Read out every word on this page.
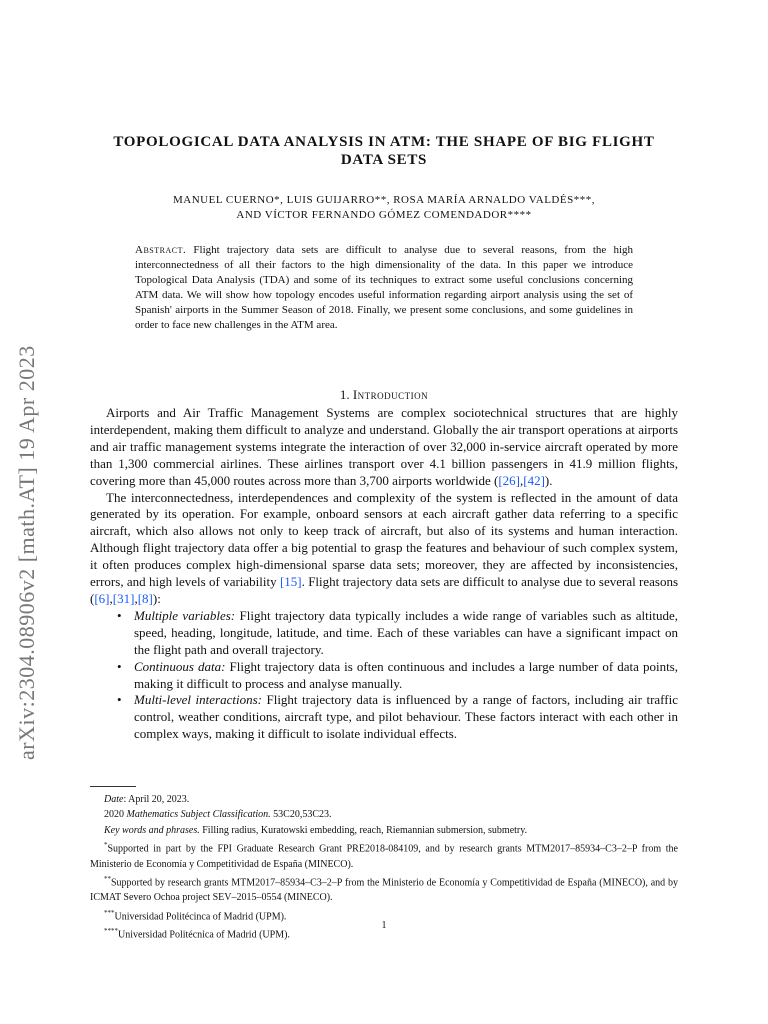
arXiv:2304.08906v2 [math.AT] 19 Apr 2023
TOPOLOGICAL DATA ANALYSIS IN ATM: THE SHAPE OF BIG FLIGHT
DATA SETS
MANUEL CUERNO*, LUIS GUIJARRO**, ROSA MARÍA ARNALDO VALDÉS***,
AND VÍCTOR FERNANDO GÓMEZ COMENDADOR****
Abstract. Flight trajectory data sets are difficult to analyse due to several reasons, from the high interconnectedness of all their factors to the high dimensionality of the data. In this paper we introduce Topological Data Analysis (TDA) and some of its techniques to extract some useful conclusions concerning ATM data. We will show how topology encodes useful information regarding airport analysis using the set of Spanish' airports in the Summer Season of 2018. Finally, we present some conclusions, and some guidelines in order to face new challenges in the ATM area.
1. Introduction

Airports and Air Traffic Management Systems are complex sociotechnical structures that are highly interdependent, making them difficult to analyze and understand. Globally the air transport operations at airports and air traffic management systems integrate the interaction of over 32,000 in-service aircraft operated by more than 1,300 commercial airlines. These airlines transport over 4.1 billion passengers in 41.9 million flights, covering more than 45,000 routes across more than 3,700 airports worldwide ([26],[42]).

The interconnectedness, interdependences and complexity of the system is reflected in the amount of data generated by its operation. For example, onboard sensors at each aircraft gather data referring to a specific aircraft, which also allows not only to keep track of aircraft, but also of its systems and human interaction. Although flight trajectory data offer a big potential to grasp the features and behaviour of such complex system, it often produces complex high-dimensional sparse data sets; moreover, they are affected by inconsistencies, errors, and high levels of variability [15]. Flight trajectory data sets are difficult to analyse due to several reasons ([6],[31],[8]):

• Multiple variables: Flight trajectory data typically includes a wide range of variables such as altitude, speed, heading, longitude, latitude, and time. Each of these variables can have a significant impact on the flight path and overall trajectory.
• Continuous data: Flight trajectory data is often continuous and includes a large number of data points, making it difficult to process and analyse manually.
• Multi-level interactions: Flight trajectory data is influenced by a range of factors, including air traffic control, weather conditions, aircraft type, and pilot behaviour. These factors interact with each other in complex ways, making it difficult to isolate individual effects.

Date: April 20, 2023.

2020 Mathematics Subject Classification. 53C20,53C23.

Key words and phrases. Filling radius, Kuratowski embedding, reach, Riemannian submersion, submetry.

*Supported in part by the FPI Graduate Research Grant PRE2018-084109, and by research grants MTM2017–85934–C3–2–P from the Ministerio de Economía y Competitividad de España (MINECO).

**Supported by research grants MTM2017–85934–C3–2–P from the Ministerio de Economía y Competitividad de España (MINECO), and by ICMAT Severo Ochoa project SEV–2015–0554 (MINECO).

***Universidad Politécinca of Madrid (UPM).

****Universidad Politécnica of Madrid (UPM).

1
